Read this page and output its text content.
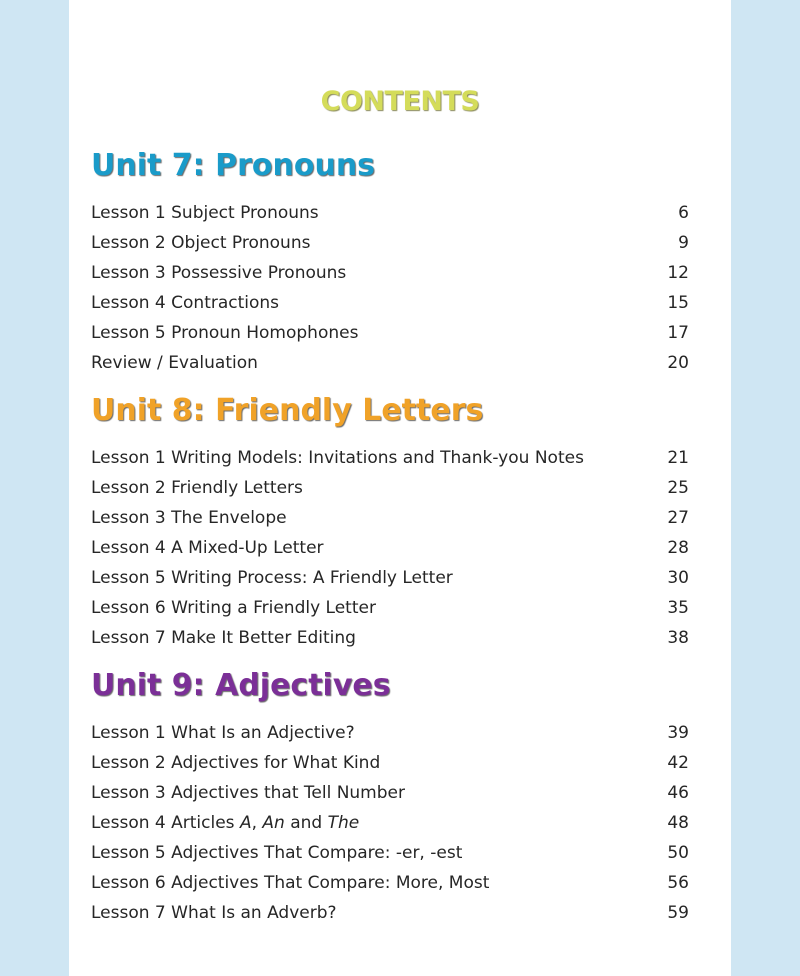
CONTENTS
Unit 7: Pronouns
Lesson 1 Subject Pronouns	6
Lesson 2 Object Pronouns	9
Lesson 3 Possessive Pronouns	12
Lesson 4 Contractions	15
Lesson 5 Pronoun Homophones	17
Review / Evaluation	20
Unit 8: Friendly Letters
Lesson 1 Writing Models: Invitations and Thank-you Notes	21
Lesson 2 Friendly Letters	25
Lesson 3 The Envelope	27
Lesson 4 A Mixed-Up Letter	28
Lesson 5 Writing Process: A Friendly Letter	30
Lesson 6 Writing a Friendly Letter	35
Lesson 7 Make It Better Editing	38
Unit 9: Adjectives
Lesson 1 What Is an Adjective?	39
Lesson 2 Adjectives for What Kind	42
Lesson 3 Adjectives that Tell Number	46
Lesson 4 Articles A, An and The	48
Lesson 5 Adjectives That Compare: -er, -est	50
Lesson 6 Adjectives That Compare: More, Most	56
Lesson 7 What Is an Adverb?	59
